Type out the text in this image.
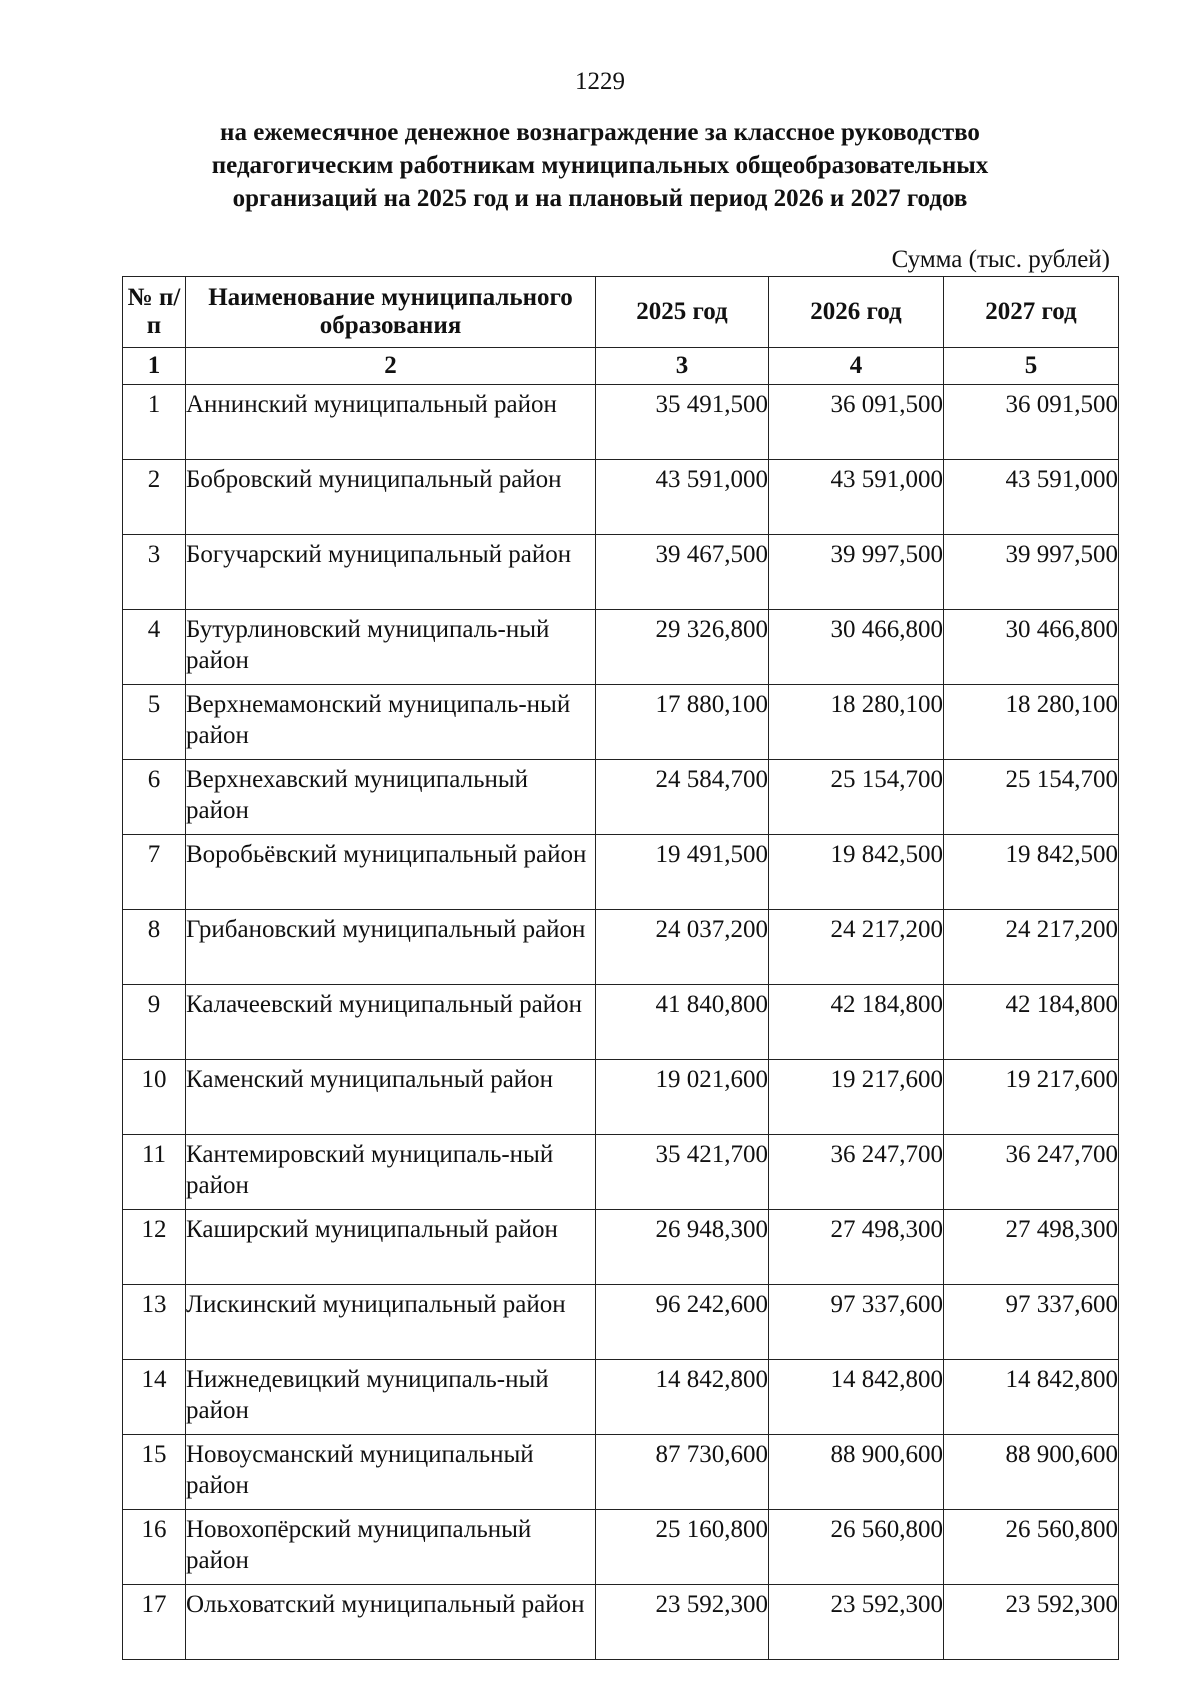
1229
на ежемесячное денежное вознаграждение за классное руководство
педагогическим работникам муниципальных общеобразовательных
организаций на 2025 год и на плановый период 2026 и 2027 годов
Сумма (тыс. рублей)
№ п/п	Наименование муниципального образования	2025 год	2026 год	2027 год
1	2	3	4	5
1	Аннинский муниципальный район	35 491,500	36 091,500	36 091,500
2	Бобровский муниципальный район	43 591,000	43 591,000	43 591,000
3	Богучарский муниципальный район	39 467,500	39 997,500	39 997,500
4	Бутурлиновский муниципаль-ный район	29 326,800	30 466,800	30 466,800
5	Верхнемамонский муниципаль-ный район	17 880,100	18 280,100	18 280,100
6	Верхнехавский муниципальный район	24 584,700	25 154,700	25 154,700
7	Воробьёвский муниципальный район	19 491,500	19 842,500	19 842,500
8	Грибановский муниципальный район	24 037,200	24 217,200	24 217,200
9	Калачеевский муниципальный район	41 840,800	42 184,800	42 184,800
10	Каменский муниципальный район	19 021,600	19 217,600	19 217,600
11	Кантемировский муниципаль-ный район	35 421,700	36 247,700	36 247,700
12	Каширский муниципальный район	26 948,300	27 498,300	27 498,300
13	Лискинский муниципальный район	96 242,600	97 337,600	97 337,600
14	Нижнедевицкий муниципаль-ный район	14 842,800	14 842,800	14 842,800
15	Новоусманский муниципальный район	87 730,600	88 900,600	88 900,600
16	Новохопёрский муниципальный район	25 160,800	26 560,800	26 560,800
17	Ольховатский муниципальный район	23 592,300	23 592,300	23 592,300
